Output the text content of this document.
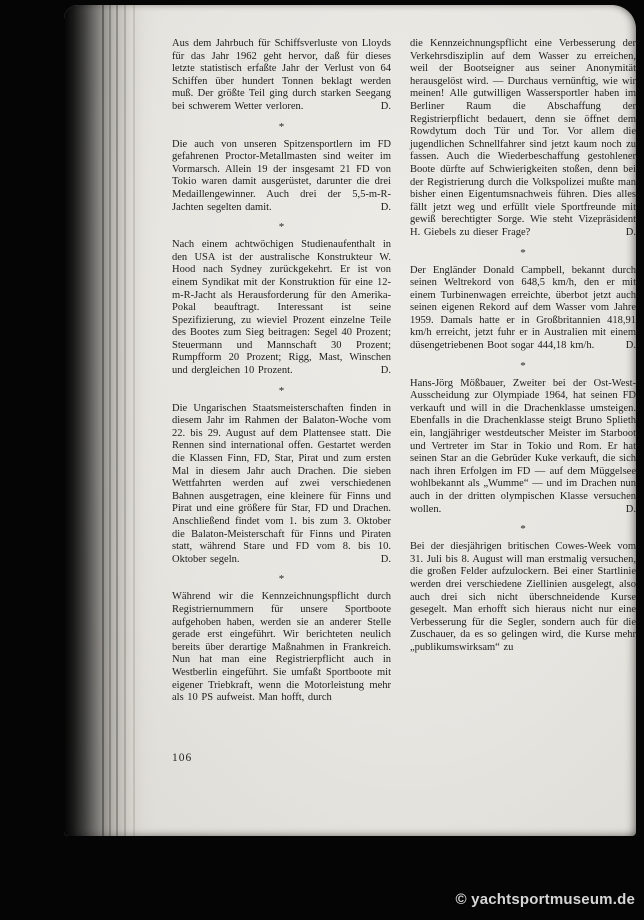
Aus dem Jahrbuch für Schiffsverluste von Lloyds für das Jahr 1962 geht hervor, daß für dieses letzte statistisch erfaßte Jahr der Verlust von 64 Schiffen über hundert Tonnen beklagt werden muß. Der größte Teil ging durch starken Seegang bei schwerem Wetter verloren.	D.

*

Die auch von unseren Spitzensportlern im FD gefahrenen Proctor-Metallmasten sind weiter im Vormarsch. Allein 19 der insgesamt 21 FD von Tokio waren damit ausgerüstet, darunter die drei Medaillengewinner. Auch drei der 5,5-m-R-Jachten segelten damit.	D.

*

Nach einem achtwöchigen Studienaufenthalt in den USA ist der australische Konstrukteur W. Hood nach Sydney zurückgekehrt. Er ist von einem Syndikat mit der Konstruktion für eine 12-m-R-Jacht als Herausforderung für den Amerika-Pokal beauftragt. Interessant ist seine Spezifizierung, zu wieviel Prozent einzelne Teile des Bootes zum Sieg beitragen: Segel 40 Prozent; Steuermann und Mannschaft 30 Prozent; Rumpfform 20 Prozent; Rigg, Mast, Winschen und dergleichen 10 Prozent.	D.

*

Die Ungarischen Staatsmeisterschaften finden in diesem Jahr im Rahmen der Balaton-Woche vom 22. bis 29. August auf dem Plattensee statt. Die Rennen sind international offen. Gestartet werden die Klassen Finn, FD, Star, Pirat und zum ersten Mal in diesem Jahr auch Drachen. Die sieben Wettfahrten werden auf zwei verschiedenen Bahnen ausgetragen, eine kleinere für Finns und Pirat und eine größere für Star, FD und Drachen. Anschließend findet vom 1. bis zum 3. Oktober die Balaton-Meisterschaft für Finns und Piraten statt, während Stare und FD vom 8. bis 10. Oktober segeln.	D.

*

Während wir die Kennzeichnungspflicht durch Registriernummern für unsere Sportboote aufgehoben haben, werden sie an anderer Stelle gerade erst eingeführt. Wir berichteten neulich bereits über derartige Maßnahmen in Frankreich. Nun hat man eine Registrierpflicht auch in Westberlin eingeführt. Sie umfaßt Sportboote mit eigener Triebkraft, wenn die Motorleistung mehr als 10 PS aufweist. Man hofft, durch

die Kennzeichnungspflicht eine Verbesserung der Verkehrsdisziplin auf dem Wasser zu erreichen, weil der Bootseigner aus seiner Anonymität herausgelöst wird. — Durchaus vernünftig, wie wir meinen! Alle gutwilligen Wassersportler haben im Berliner Raum die Abschaffung der Registrierpflicht bedauert, denn sie öffnet dem Rowdytum doch Tür und Tor. Vor allem die jugendlichen Schnellfahrer sind jetzt kaum noch zu fassen. Auch die Wiederbeschaffung gestohlener Boote dürfte auf Schwierigkeiten stoßen, denn bei der Registrierung durch die Volkspolizei mußte man bisher einen Eigentumsnachweis führen. Dies alles fällt jetzt weg und erfüllt viele Sportfreunde mit gewiß berechtigter Sorge. Wie steht Vizepräsident H. Giebels zu dieser Frage?	D.

*

Der Engländer Donald Campbell, bekannt durch seinen Weltrekord von 648,5 km/h, den er mit einem Turbinenwagen erreichte, überbot jetzt auch seinen eigenen Rekord auf dem Wasser vom Jahre 1959. Damals hatte er in Großbritannien 418,91 km/h erreicht, jetzt fuhr er in Australien mit einem düsengetriebenen Boot sogar 444,18 km/h.	D.

*

Hans-Jörg Mößbauer, Zweiter bei der Ost-West-Ausscheidung zur Olympiade 1964, hat seinen FD verkauft und will in die Drachenklasse umsteigen. Ebenfalls in die Drachenklasse steigt Bruno Splieth ein, langjähriger westdeutscher Meister im Starboot und Vertreter im Star in Tokio und Rom. Er hat seinen Star an die Gebrüder Kuke verkauft, die sich nach ihren Erfolgen im FD — auf dem Müggelsee wohlbekannt als „Wumme“ — und im Drachen nun auch in der dritten olympischen Klasse versuchen wollen.	D.

*

Bei der diesjährigen britischen Cowes-Week vom 31. Juli bis 8. August will man erstmalig versuchen, die großen Felder aufzulockern. Bei einer Startlinie werden drei verschiedene Ziellinien ausgelegt, also auch drei sich nicht überschneidende Kurse gesegelt. Man erhofft sich hieraus nicht nur eine Verbesserung für die Segler, sondern auch für die Zuschauer, da es so gelingen wird, die Kurse mehr „publikumswirksam“ zu

106
© yachtsportmuseum.de
